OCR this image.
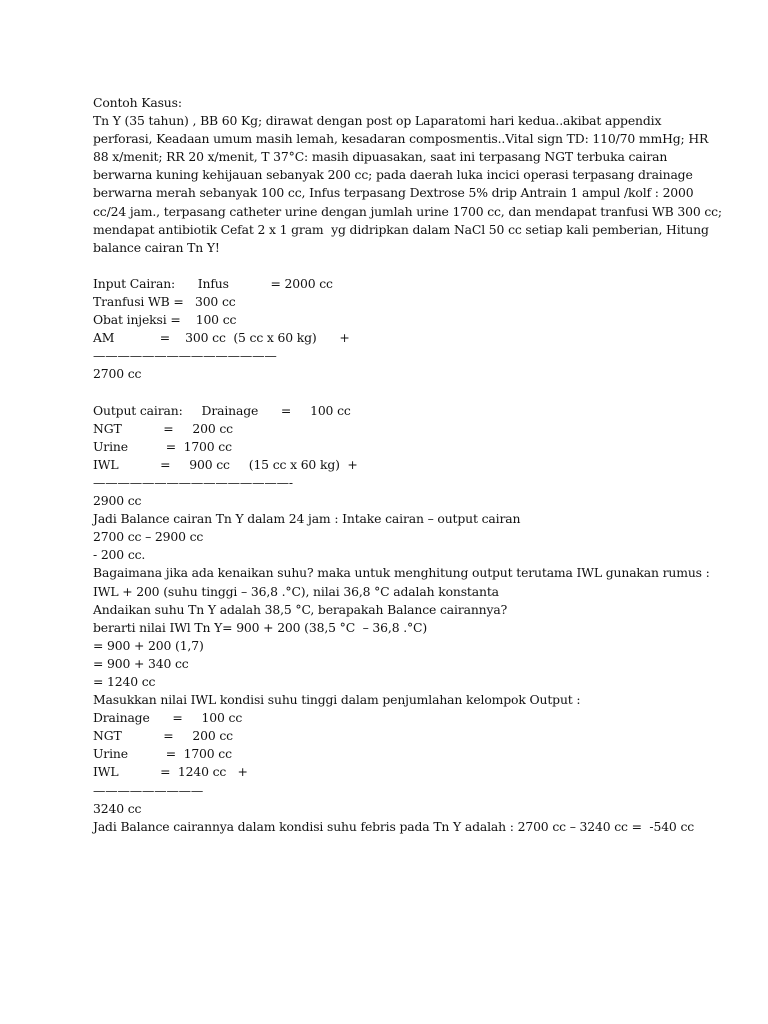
Contoh Kasus:
Tn Y (35 tahun) , BB 60 Kg; dirawat dengan post op Laparatomi hari kedua..akibat appendix
perforasi, Keadaan umum masih lemah, kesadaran composmentis..Vital sign TD: 110/70 mmHg; HR
88 x/menit; RR 20 x/menit, T 37°C: masih dipuasakan, saat ini terpasang NGT terbuka cairan
berwarna kuning kehijauan sebanyak 200 cc; pada daerah luka incici operasi terpasang drainage
berwarna merah sebanyak 100 cc, Infus terpasang Dextrose 5% drip Antrain 1 ampul /kolf : 2000
cc/24 jam., terpasang catheter urine dengan jumlah urine 1700 cc, dan mendapat tranfusi WB 300 cc;
mendapat antibiotik Cefat 2 x 1 gram  yg didripkan dalam NaCl 50 cc setiap kali pemberian, Hitung
balance cairan Tn Y!
Input Cairan:      Infus           = 2000 cc
Tranfusi WB =   300 cc
Obat injeksi =    100 cc
AM            =    300 cc  (5 cc x 60 kg)      +
———————————————
2700 cc
Output cairan:     Drainage      =     100 cc
NGT           =     200 cc
Urine          =  1700 cc
IWL           =     900 cc     (15 cc x 60 kg)  +
————————————————-
2900 cc
Jadi Balance cairan Tn Y dalam 24 jam : Intake cairan – output cairan
2700 cc – 2900 cc
- 200 cc.
Bagaimana jika ada kenaikan suhu? maka untuk menghitung output terutama IWL gunakan rumus :
IWL + 200 (suhu tinggi – 36,8 .°C), nilai 36,8 °C adalah konstanta
Andaikan suhu Tn Y adalah 38,5 °C, berapakah Balance cairannya?
berarti nilai IWl Tn Y= 900 + 200 (38,5 °C  – 36,8 .°C)
= 900 + 200 (1,7)
= 900 + 340 cc
= 1240 cc
Masukkan nilai IWL kondisi suhu tinggi dalam penjumlahan kelompok Output :
Drainage      =     100 cc
NGT           =     200 cc
Urine          =  1700 cc
IWL           =  1240 cc   +
—————————
3240 cc
Jadi Balance cairannya dalam kondisi suhu febris pada Tn Y adalah : 2700 cc – 3240 cc =  -540 cc
